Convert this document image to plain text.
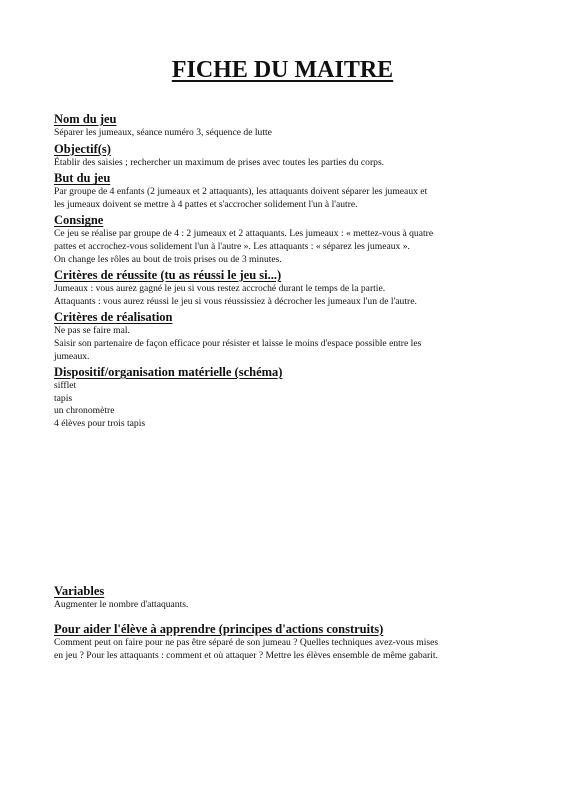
FICHE DU MAITRE
Nom du jeu
Séparer les jumeaux, séance numéro 3, séquence de lutte
Objectif(s)
Établir des saisies ; rechercher un maximum de prises avec toutes les parties du corps.
But du jeu
Par groupe de 4 enfants (2 jumeaux et 2 attaquants), les attaquants doivent séparer les jumeaux et
les jumeaux doivent se mettre à 4 pattes et s'accrocher solidement l'un à l'autre.
Consigne
Ce jeu se réalise par groupe de 4 : 2 jumeaux et 2 attaquants. Les jumeaux : « mettez-vous à quatre
pattes et accrochez-vous solidement l'un à l'autre ». Les attaquants : « séparez les jumeaux ».
On change les rôles au bout de trois prises ou de 3 minutes.
Critères de réussite (tu as réussi le jeu si...)
Jumeaux : vous aurez gagné le jeu si vous restez accroché durant le temps de la partie.
Attaquants : vous aurez réussi le jeu si vous réussissiez à décrocher les jumeaux l'un de l'autre.
Critères de réalisation
Ne pas se faire mal.
Saisir son partenaire de façon efficace pour résister et laisse le moins d'espace possible entre les
jumeaux.
Dispositif/organisation matérielle (schéma)
sifflet
tapis
un chronomètre
4 élèves pour trois tapis
Variables
Augmenter le nombre d'attaquants.
Pour aider l'élève à apprendre (principes d'actions construits)
Comment peut on faire pour ne pas être séparé de son jumeau ? Quelles techniques avez-vous mises
en jeu ? Pour les attaquants : comment et où attaquer ? Mettre les élèves ensemble de même gabarit.
